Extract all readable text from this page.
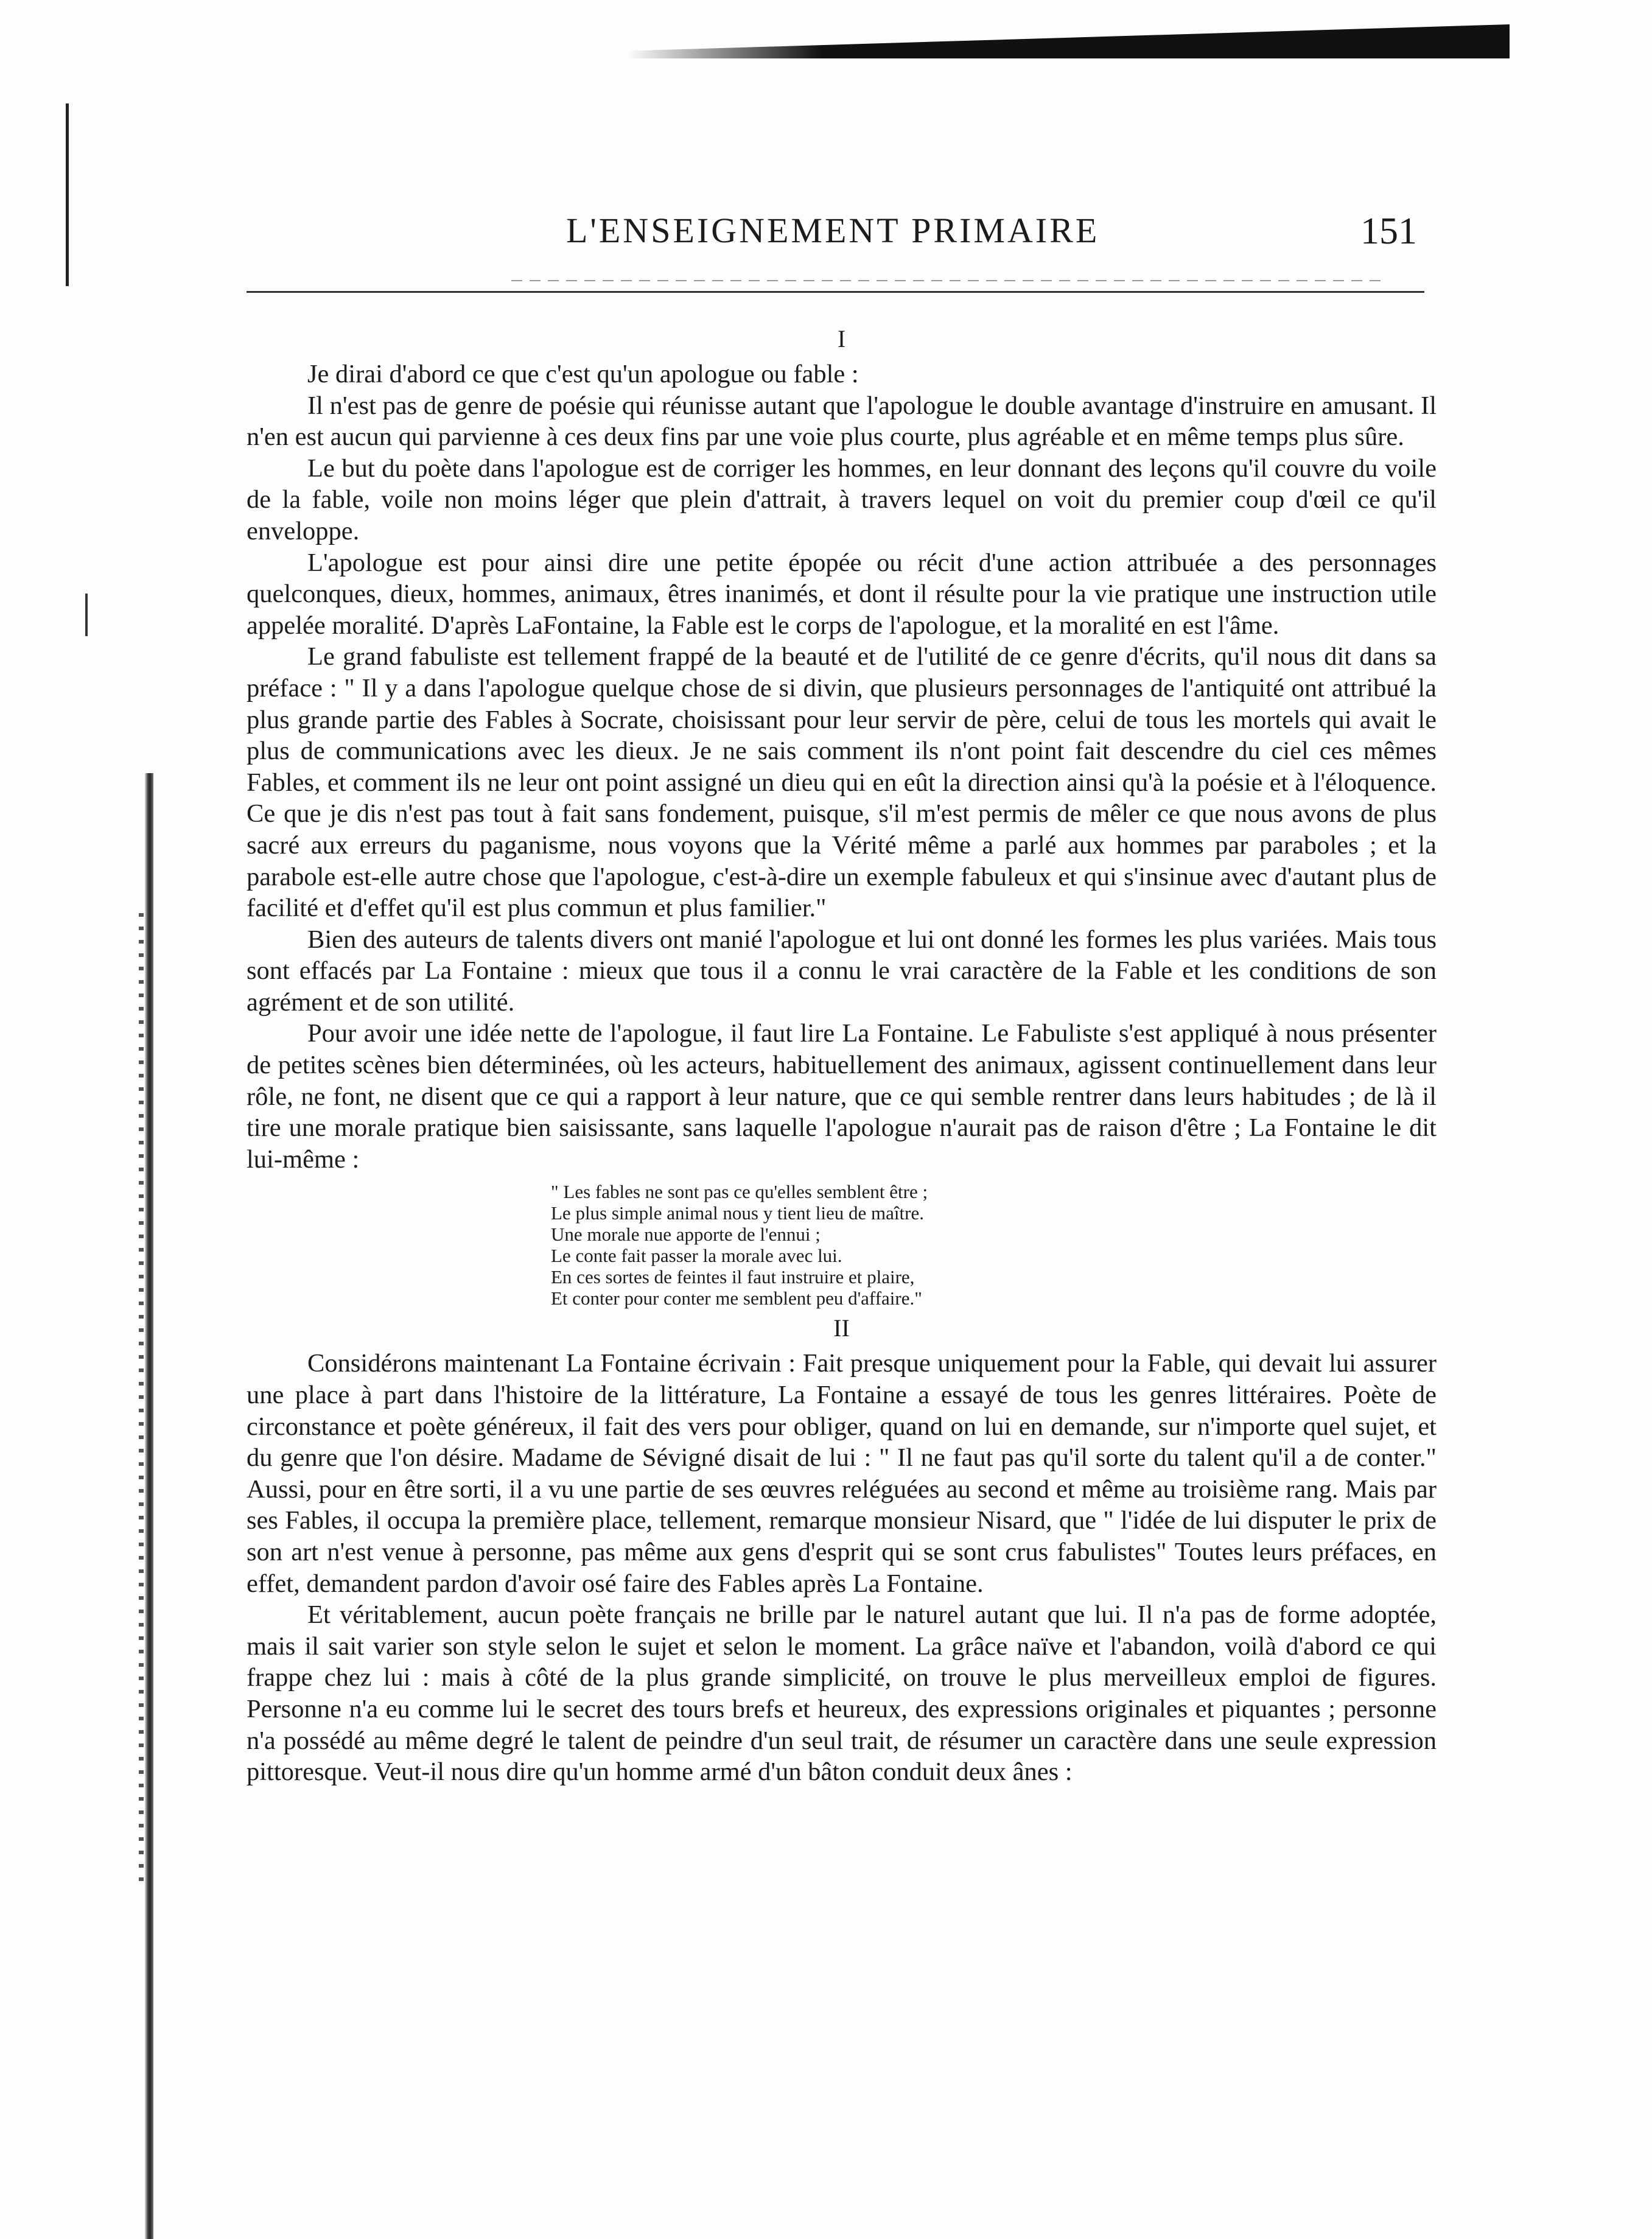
L'ENSEIGNEMENT PRIMAIRE	151
I

Je dirai d'abord ce que c'est qu'un apologue ou fable :

Il n'est pas de genre de poésie qui réunisse autant que l'apologue le double avantage d'instruire en amusant. Il n'en est aucun qui parvienne à ces deux fins par une voie plus courte, plus agréable et en même temps plus sûre.

Le but du poète dans l'apologue est de corriger les hommes, en leur donnant des leçons qu'il couvre du voile de la fable, voile non moins léger que plein d'attrait, à travers lequel on voit du premier coup d'œil ce qu'il enveloppe.

L'apologue est pour ainsi dire une petite épopée ou récit d'une action attribuée a des personnages quelconques, dieux, hommes, animaux, êtres inanimés, et dont il résulte pour la vie pratique une instruction utile appelée moralité. D'après LaFontaine, la Fable est le corps de l'apologue, et la moralité en est l'âme.

Le grand fabuliste est tellement frappé de la beauté et de l'utilité de ce genre d'écrits, qu'il nous dit dans sa préface : " Il y a dans l'apologue quelque chose de si divin, que plusieurs personnages de l'antiquité ont attribué la plus grande partie des Fables à Socrate, choisissant pour leur servir de père, celui de tous les mortels qui avait le plus de communications avec les dieux. Je ne sais comment ils n'ont point fait descendre du ciel ces mêmes Fables, et comment ils ne leur ont point assigné un dieu qui en eût la direction ainsi qu'à la poésie et à l'éloquence. Ce que je dis n'est pas tout à fait sans fondement, puisque, s'il m'est permis de mêler ce que nous avons de plus sacré aux erreurs du paganisme, nous voyons que la Vérité même a parlé aux hommes par paraboles ; et la parabole est-elle autre chose que l'apologue, c'est-à-dire un exemple fabuleux et qui s'insinue avec d'autant plus de facilité et d'effet qu'il est plus commun et plus familier."

Bien des auteurs de talents divers ont manié l'apologue et lui ont donné les formes les plus variées. Mais tous sont effacés par La Fontaine : mieux que tous il a connu le vrai caractère de la Fable et les conditions de son agrément et de son utilité.

Pour avoir une idée nette de l'apologue, il faut lire La Fontaine. Le Fabuliste s'est appliqué à nous présenter de petites scènes bien déterminées, où les acteurs, habituellement des animaux, agissent continuellement dans leur rôle, ne font, ne disent que ce qui a rapport à leur nature, que ce qui semble rentrer dans leurs habitudes ; de là il tire une morale pratique bien saisissante, sans laquelle l'apologue n'aurait pas de raison d'être ; La Fontaine le dit lui-même :

" Les fables ne sont pas ce qu'elles semblent être ;
Le plus simple animal nous y tient lieu de maître.
Une morale nue apporte de l'ennui ;
Le conte fait passer la morale avec lui.
En ces sortes de feintes il faut instruire et plaire,
Et conter pour conter me semblent peu d'affaire."
II

Considérons maintenant La Fontaine écrivain : Fait presque uniquement pour la Fable, qui devait lui assurer une place à part dans l'histoire de la littérature, La Fontaine a essayé de tous les genres littéraires. Poète de circonstance et poète généreux, il fait des vers pour obliger, quand on lui en demande, sur n'importe quel sujet, et du genre que l'on désire. Madame de Sévigné disait de lui : " Il ne faut pas qu'il sorte du talent qu'il a de conter." Aussi, pour en être sorti, il a vu une partie de ses œuvres reléguées au second et même au troisième rang. Mais par ses Fables, il occupa la première place, tellement, remarque monsieur Nisard, que " l'idée de lui disputer le prix de son art n'est venue à personne, pas même aux gens d'esprit qui se sont crus fabulistes" Toutes leurs préfaces, en effet, demandent pardon d'avoir osé faire des Fables après La Fontaine.

Et véritablement, aucun poète français ne brille par le naturel autant que lui. Il n'a pas de forme adoptée, mais il sait varier son style selon le sujet et selon le moment. La grâce naïve et l'abandon, voilà d'abord ce qui frappe chez lui : mais à côté de la plus grande simplicité, on trouve le plus merveilleux emploi de figures. Personne n'a eu comme lui le secret des tours brefs et heureux, des expressions originales et piquantes ; personne n'a possédé au même degré le talent de peindre d'un seul trait, de résumer un caractère dans une seule expression pittoresque. Veut-il nous dire qu'un homme armé d'un bâton conduit deux ânes :
